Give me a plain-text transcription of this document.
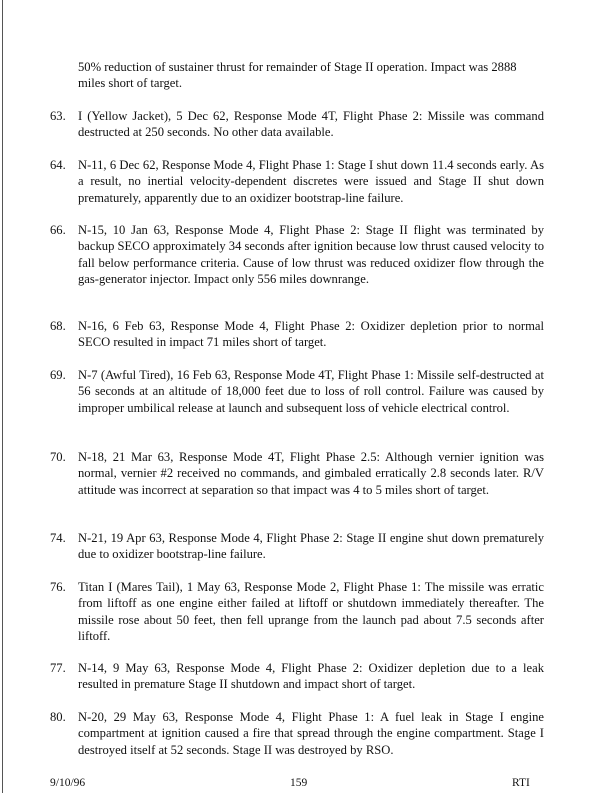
50% reduction of sustainer thrust for remainder of Stage II operation. Impact was 2888 miles short of target.

63. I (Yellow Jacket), 5 Dec 62, Response Mode 4T, Flight Phase 2: Missile was command destructed at 250 seconds. No other data available.

64. N-11, 6 Dec 62, Response Mode 4, Flight Phase 1: Stage I shut down 11.4 seconds early. As a result, no inertial velocity-dependent discretes were issued and Stage II shut down prematurely, apparently due to an oxidizer bootstrap-line failure.

66. N-15, 10 Jan 63, Response Mode 4, Flight Phase 2: Stage II flight was terminated by backup SECO approximately 34 seconds after ignition because low thrust caused velocity to fall below performance criteria. Cause of low thrust was reduced oxidizer flow through the gas-generator injector. Impact only 556 miles downrange.

68. N-16, 6 Feb 63, Response Mode 4, Flight Phase 2: Oxidizer depletion prior to normal SECO resulted in impact 71 miles short of target.

69. N-7 (Awful Tired), 16 Feb 63, Response Mode 4T, Flight Phase 1: Missile self-destructed at 56 seconds at an altitude of 18,000 feet due to loss of roll control. Failure was caused by improper umbilical release at launch and subsequent loss of vehicle electrical control.

70. N-18, 21 Mar 63, Response Mode 4T, Flight Phase 2.5: Although vernier ignition was normal, vernier #2 received no commands, and gimbaled erratically 2.8 seconds later. R/V attitude was incorrect at separation so that impact was 4 to 5 miles short of target.

74. N-21, 19 Apr 63, Response Mode 4, Flight Phase 2: Stage II engine shut down prematurely due to oxidizer bootstrap-line failure.

76. Titan I (Mares Tail), 1 May 63, Response Mode 2, Flight Phase 1: The missile was erratic from liftoff as one engine either failed at liftoff or shutdown immediately thereafter. The missile rose about 50 feet, then fell uprange from the launch pad about 7.5 seconds after liftoff.

77. N-14, 9 May 63, Response Mode 4, Flight Phase 2: Oxidizer depletion due to a leak resulted in premature Stage II shutdown and impact short of target.

80. N-20, 29 May 63, Response Mode 4, Flight Phase 1: A fuel leak in Stage I engine compartment at ignition caused a fire that spread through the engine compartment. Stage I destroyed itself at 52 seconds. Stage II was destroyed by RSO.

9/10/96	159	RTI
